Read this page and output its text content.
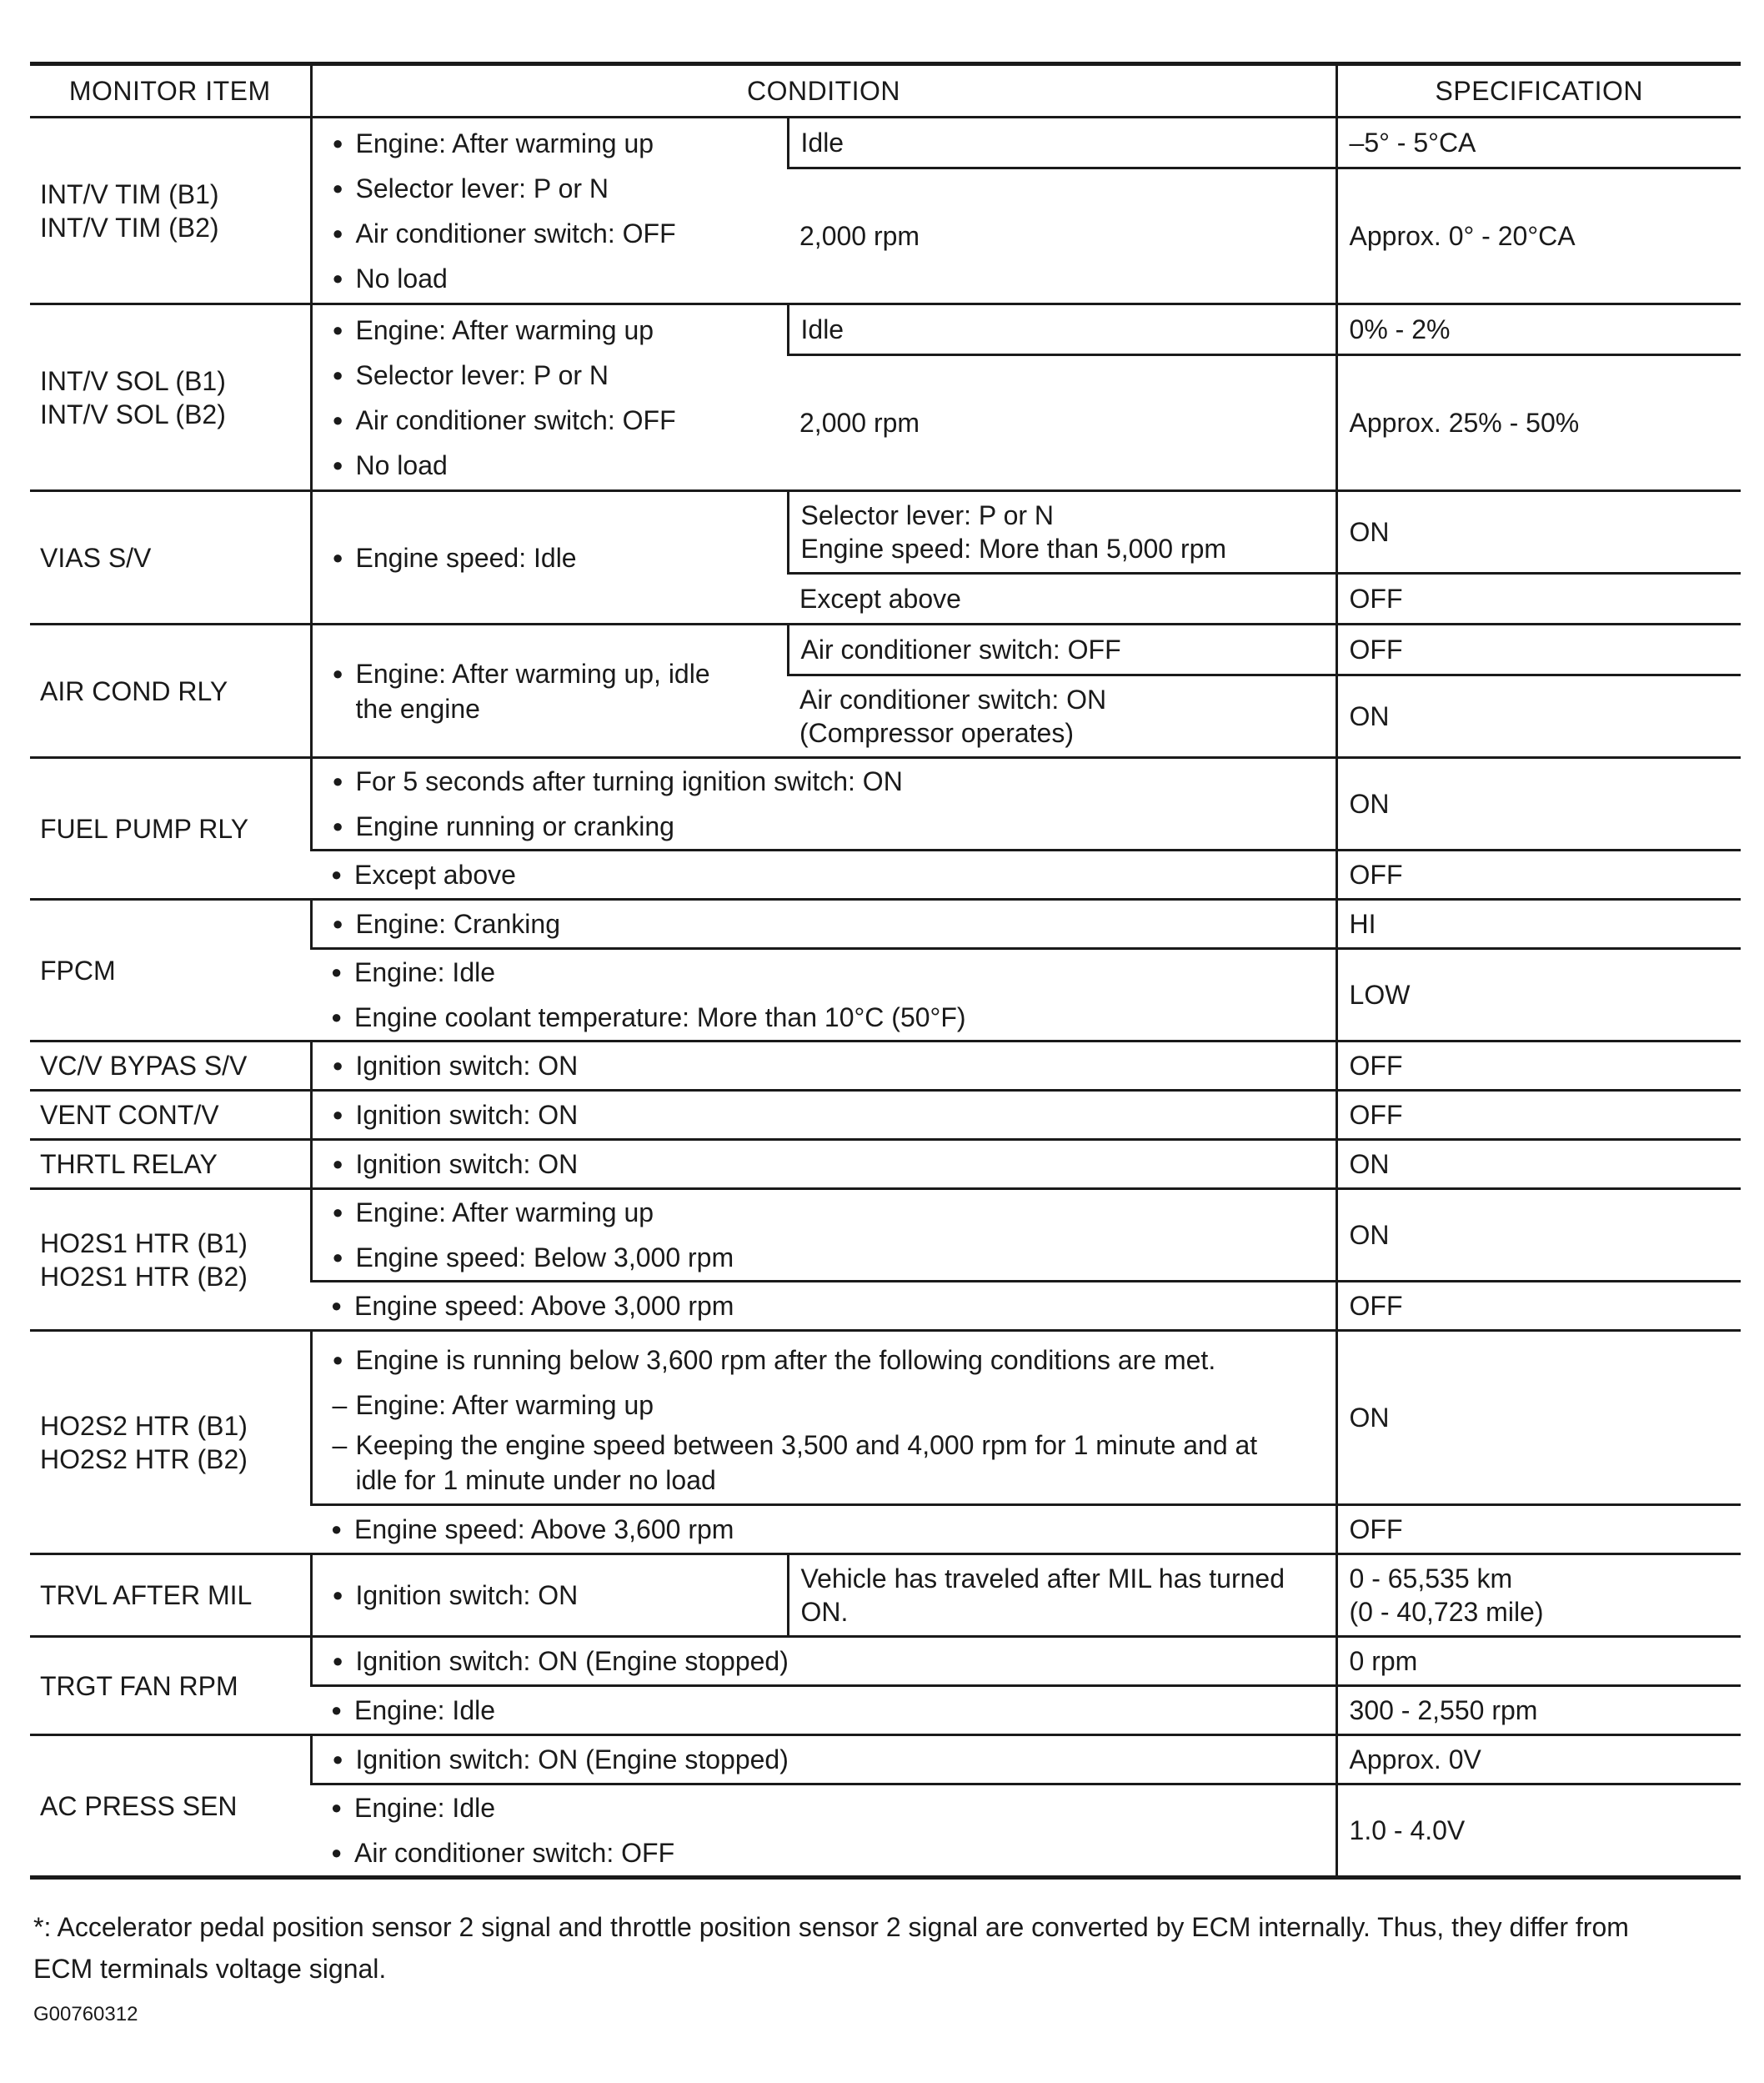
MONITOR ITEM	CONDITION		SPECIFICATION

INT/V TIM (B1)
INT/V TIM (B2)	● Engine: After warming up
● Selector lever: P or N
● Air conditioner switch: OFF
● No load	Idle	–5° - 5°CA
		2,000 rpm	Approx. 0° - 20°CA

INT/V SOL (B1)
INT/V SOL (B2)	● Engine: After warming up
● Selector lever: P or N
● Air conditioner switch: OFF
● No load	Idle	0% - 2%
		2,000 rpm	Approx. 25% - 50%
VIAS S/V	● Engine speed: Idle	Selector lever: P or N
Engine speed: More than 5,000 rpm	ON
		Except above	OFF
AIR COND RLY	● Engine: After warming up, idle
the engine	Air conditioner switch: OFF	OFF

		Air conditioner switch: ON
(Compressor operates)	ON
FUEL PUMP RLY	● For 5 seconds after turning ignition switch: ON
● Engine running or cranking		ON

	● Except above		OFF
FPCM	● Engine: Cranking		HI

	● Engine: Idle
● Engine coolant temperature: More than 10°C (50°F)		LOW
VC/V BYPAS S/V	● Ignition switch: ON		OFF
VENT CONT/V	● Ignition switch: ON		OFF
THRTL RELAY	● Ignition switch: ON		ON

HO2S1 HTR (B1)
HO2S1 HTR (B2)	● Engine: After warming up
● Engine speed: Below 3,000 rpm		ON

	● Engine speed: Above 3,000 rpm		OFF

HO2S2 HTR (B1)
HO2S2 HTR (B2)	● Engine is running below 3,600 rpm after the following conditions are met.
– Engine: After warming up
– Keeping the engine speed between 3,500 and 4,000 rpm for 1 minute and at
idle for 1 minute under no load		ON

	● Engine speed: Above 3,600 rpm		OFF
TRVL AFTER MIL	● Ignition switch: ON	Vehicle has traveled after MIL has turned
ON.	0 - 65,535 km
(0 - 40,723 mile)

TRGT FAN RPM	● Ignition switch: ON (Engine stopped)		0 rpm

	● Engine: Idle		300 - 2,550 rpm
AC PRESS SEN	● Ignition switch: ON (Engine stopped)		Approx. 0V

	● Engine: Idle
● Air conditioner switch: OFF		1.0 - 4.0V
*: Accelerator pedal position sensor 2 signal and throttle position sensor 2 signal are converted by ECM internally. Thus, they differ from
ECM terminals voltage signal.
G00760312
